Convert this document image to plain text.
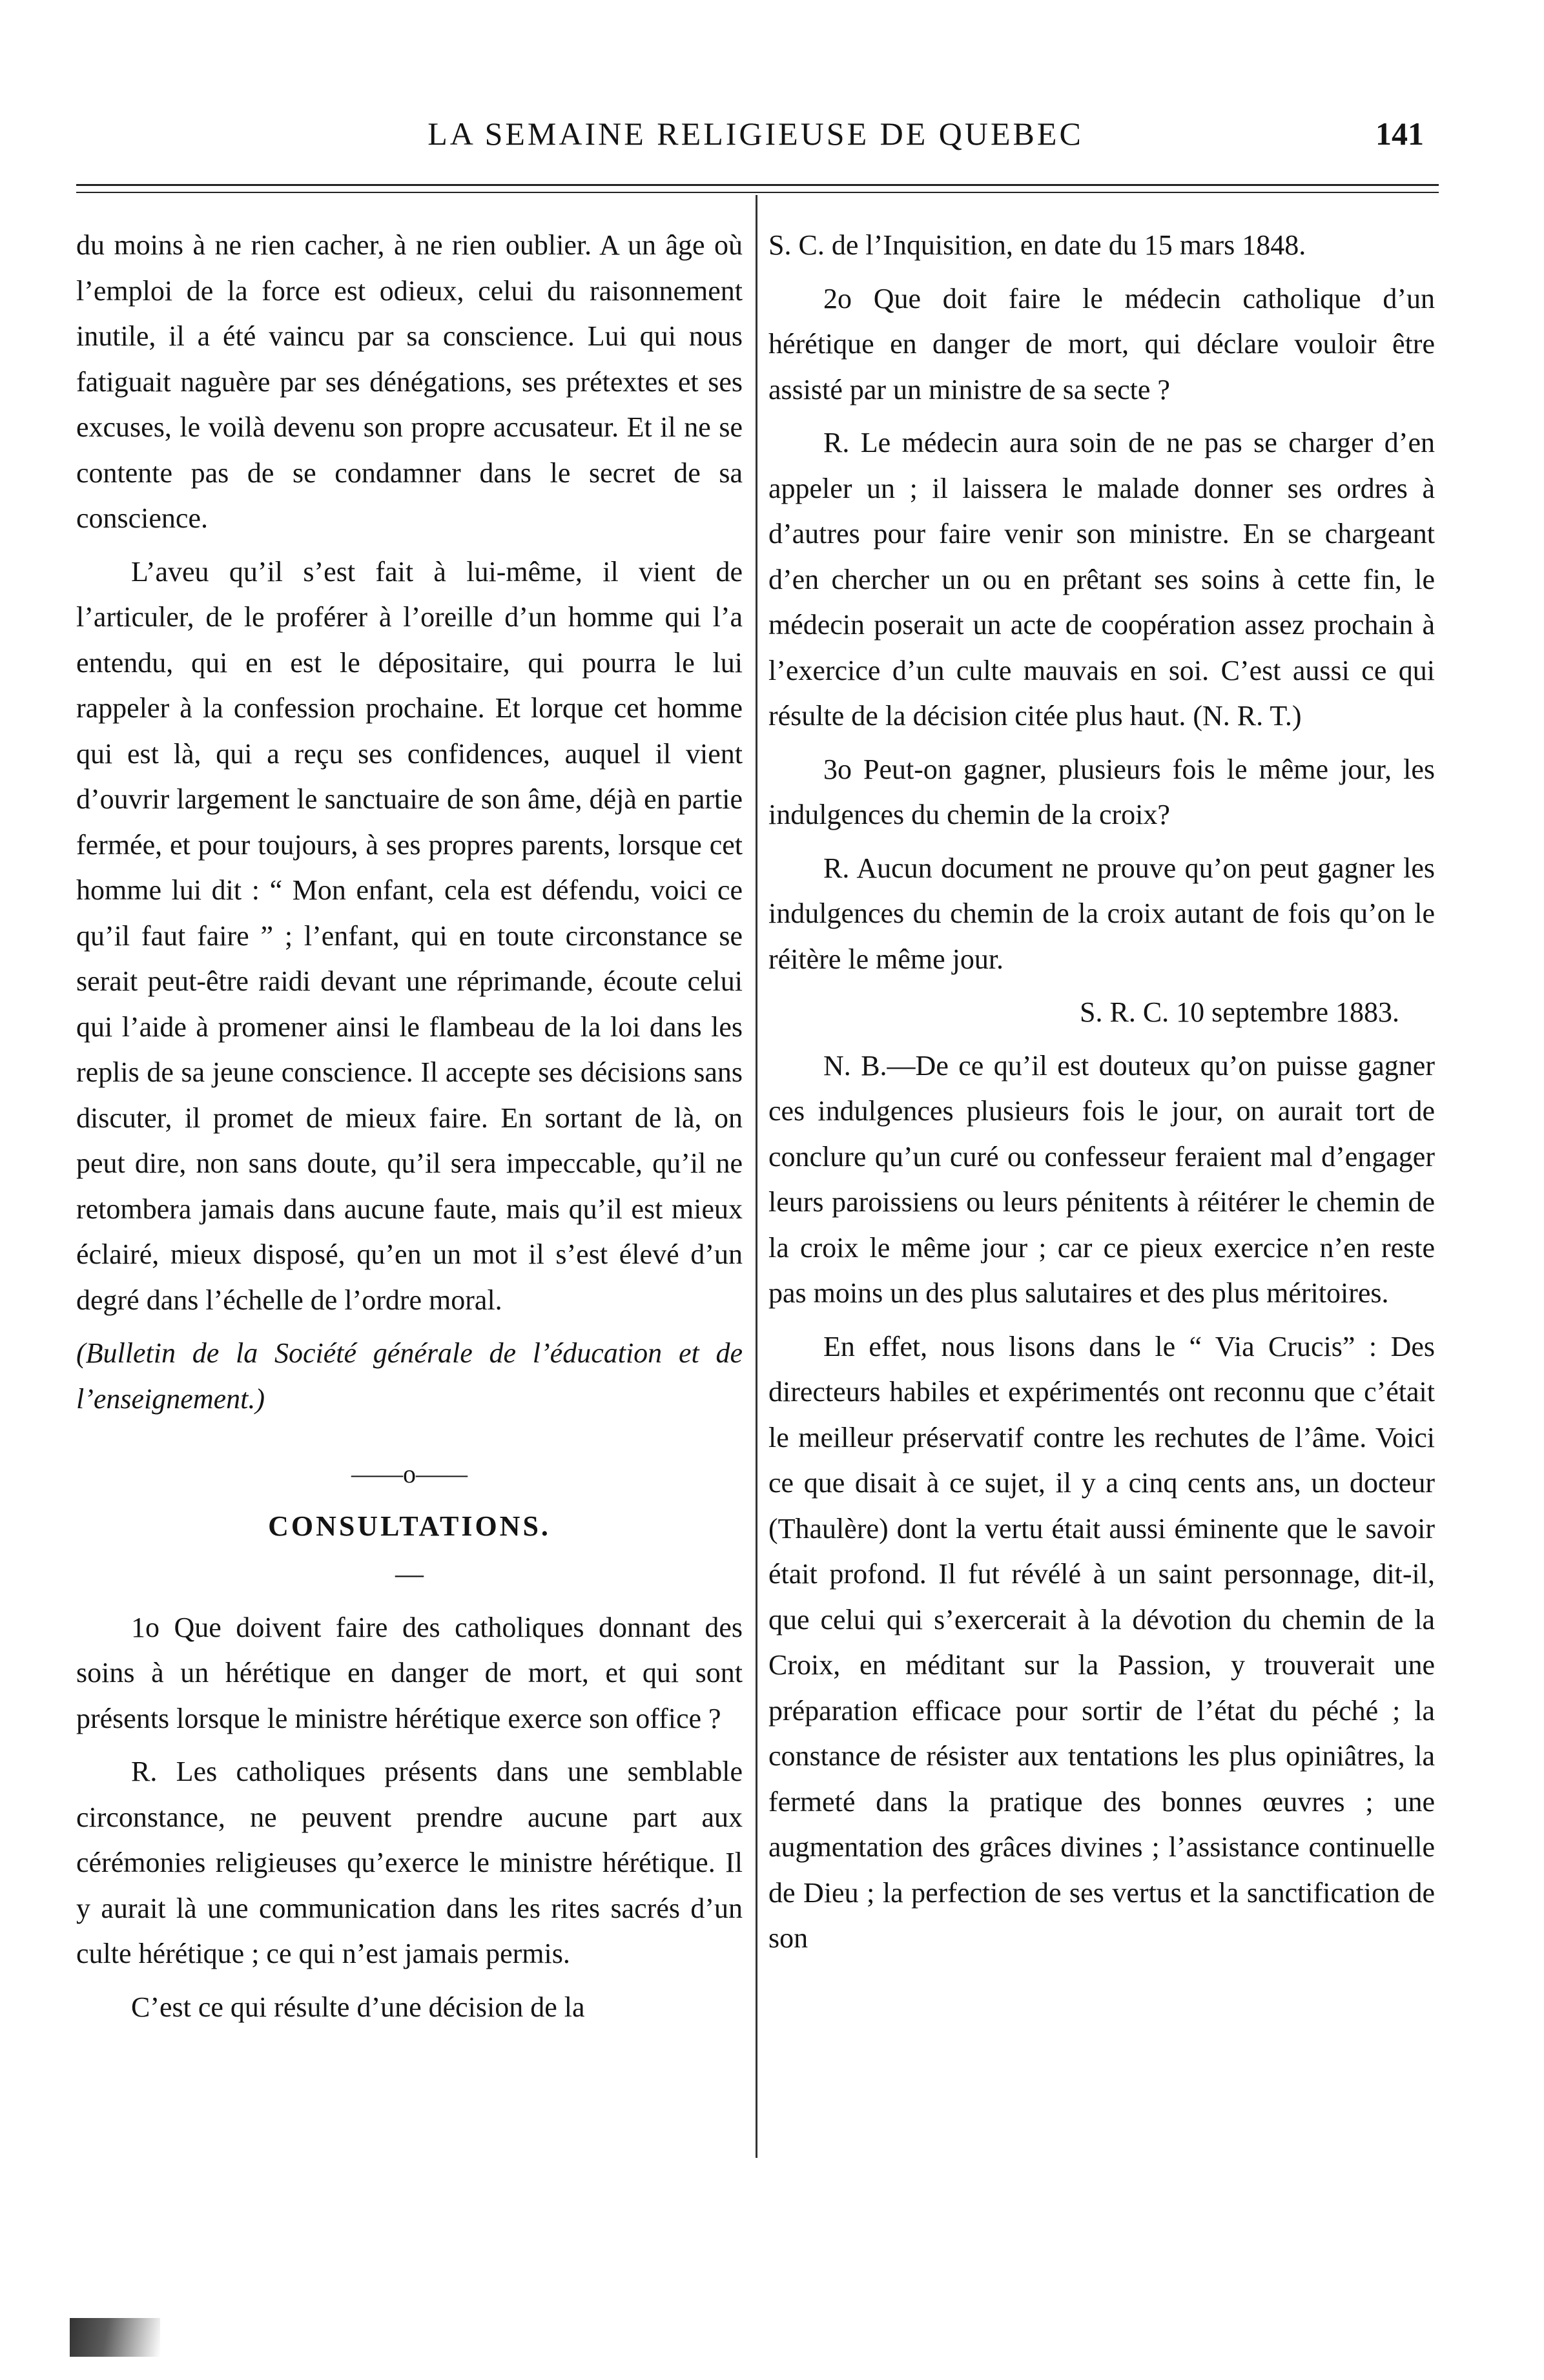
LA SEMAINE RELIGIEUSE DE QUEBEC	141

du moins à ne rien cacher, à ne rien oublier. A un âge où l’emploi de la force est odieux, celui du raisonnement inutile, il a été vaincu par sa conscience. Lui qui nous fatiguait naguère par ses dénégations, ses prétextes et ses excuses, le voilà devenu son propre accusateur. Et il ne se contente pas de se condamner dans le secret de sa conscience.

L’aveu qu’il s’est fait à lui-même, il vient de l’articuler, de le proférer à l’oreille d’un homme qui l’a entendu, qui en est le dépositaire, qui pourra le lui rappeler à la confession prochaine. Et lorque cet homme qui est là, qui a reçu ses confidences, auquel il vient d’ouvrir largement le sanctuaire de son âme, déjà en partie fermée, et pour toujours, à ses propres parents, lorsque cet homme lui dit : “ Mon enfant, cela est défendu, voici ce qu’il faut faire ” ; l’enfant, qui en toute circonstance se serait peut-être raidi devant une réprimande, écoute celui qui l’aide à promener ainsi le flambeau de la loi dans les replis de sa jeune conscience. Il accepte ses décisions sans discuter, il promet de mieux faire. En sortant de là, on peut dire, non sans doute, qu’il sera impeccable, qu’il ne retombera jamais dans aucune faute, mais qu’il est mieux éclairé, mieux disposé, qu’en un mot il s’est élevé d’un degré dans l’échelle de l’ordre moral.

(Bulletin de la Société générale de l’éducation et de l’enseignement.)

——o——
CONSULTATIONS.
—

1o Que doivent faire des catholiques donnant des soins à un hérétique en danger de mort, et qui sont présents lorsque le ministre hérétique exerce son office ?

R. Les catholiques présents dans une semblable circonstance, ne peuvent prendre aucune part aux cérémonies religieuses qu’exerce le ministre hérétique. Il y aurait là une communication dans les rites sacrés d’un culte hérétique ; ce qui n’est jamais permis.

C’est ce qui résulte d’une décision de la

S. C. de l’Inquisition, en date du 15 mars 1848.

2o Que doit faire le médecin catholique d’un hérétique en danger de mort, qui déclare vouloir être assisté par un ministre de sa secte ?

R. Le médecin aura soin de ne pas se charger d’en appeler un ; il laissera le malade donner ses ordres à d’autres pour faire venir son ministre. En se chargeant d’en chercher un ou en prêtant ses soins à cette fin, le médecin poserait un acte de coopération assez prochain à l’exercice d’un culte mauvais en soi. C’est aussi ce qui résulte de la décision citée plus haut. (N. R. T.)

3o Peut-on gagner, plusieurs fois le même jour, les indulgences du chemin de la croix?

R. Aucun document ne prouve qu’on peut gagner les indulgences du chemin de la croix autant de fois qu’on le réitère le même jour.

S. R. C. 10 septembre 1883.

N. B.—De ce qu’il est douteux qu’on puisse gagner ces indulgences plusieurs fois le jour, on aurait tort de conclure qu’un curé ou confesseur feraient mal d’engager leurs paroissiens ou leurs pénitents à réitérer le chemin de la croix le même jour ; car ce pieux exercice n’en reste pas moins un des plus salutaires et des plus méritoires.

En effet, nous lisons dans le “ Via Crucis” : Des directeurs habiles et expérimentés ont reconnu que c’était le meilleur préservatif contre les rechutes de l’âme. Voici ce que disait à ce sujet, il y a cinq cents ans, un docteur (Thaulère) dont la vertu était aussi éminente que le savoir était profond. Il fut révélé à un saint personnage, dit-il, que celui qui s’exercerait à la dévotion du chemin de la Croix, en méditant sur la Passion, y trouverait une préparation efficace pour sortir de l’état du péché ; la constance de résister aux tentations les plus opiniâtres, la fermeté dans la pratique des bonnes œuvres ; une augmentation des grâces divines ; l’assistance continuelle de Dieu ; la perfection de ses vertus et la sanctification de son
